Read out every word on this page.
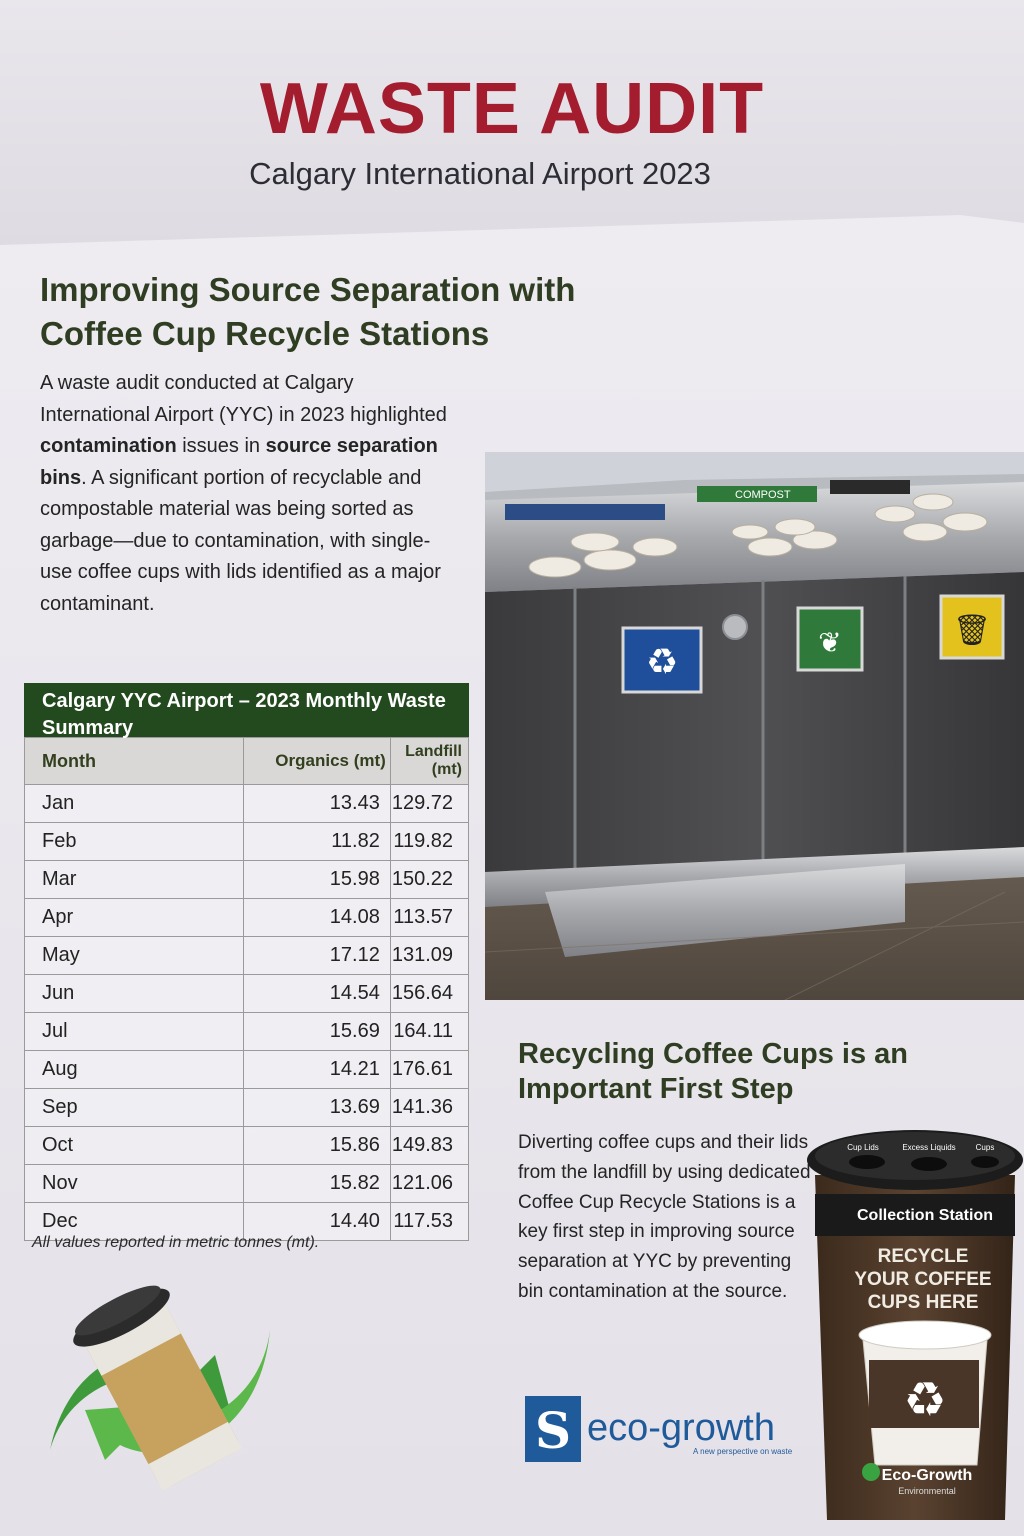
WASTE AUDIT

Calgary International Airport 2023

Improving Source Separation with Coffee Cup Recycle Stations

A waste audit conducted at Calgary International Airport (YYC) in 2023 highlighted contamination issues in source separation bins. A significant portion of recyclable and compostable material was being sorted as garbage—due to contamination, with single-use coffee cups with lids identified as a major contaminant.

Calgary YYC Airport – 2023 Monthly Waste Summary
Month	Organics (mt)	Landfill (mt)
Jan	13.43	129.72
Feb	11.82	119.82
Mar	15.98	150.22
Apr	14.08	113.57
May	17.12	131.09
Jun	14.54	156.64
Jul	15.69	164.11
Aug	14.21	176.61
Sep	13.69	141.36
Oct	15.86	149.83
Nov	15.82	121.06
Dec	14.40	117.53

All values reported in metric tonnes (mt).

COMPOST
♻	❦	🗑
Recycling Coffee Cups is an Important First Step

Diverting coffee cups and their lids from the landfill by using dedicated Coffee Cup Recycle Stations is a key first step in improving source separation at YYC by preventing bin contamination at the source.

S eco-growth
A new perspective on waste
Cup Lids	Excess Liquids Cups
Collection Station
RECYCLE
YOUR COFFEE
CUPS HERE
♻
Eco-Growth
Environmental
